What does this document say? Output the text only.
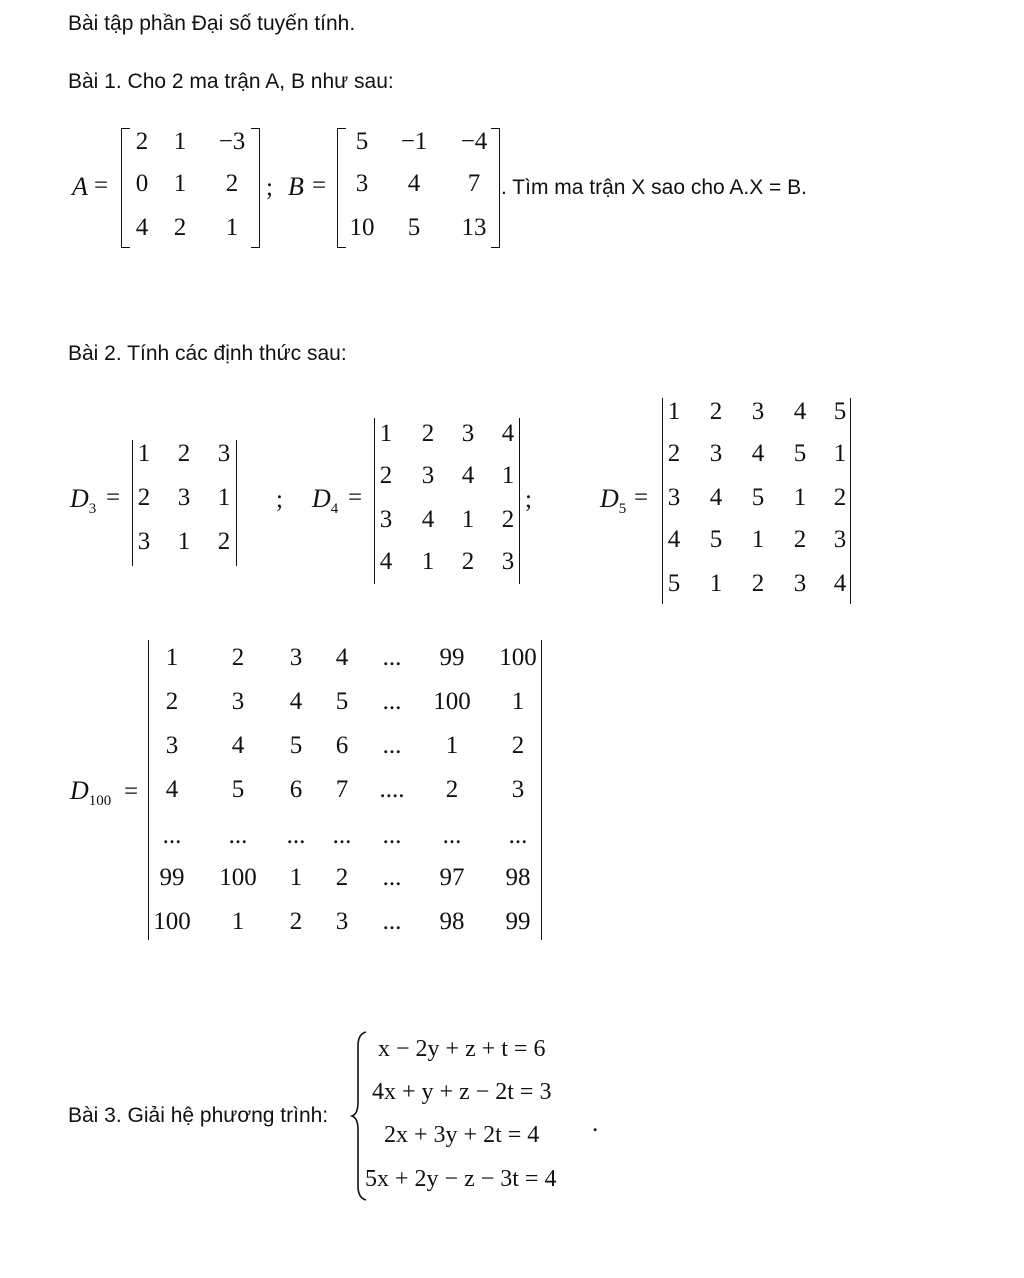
Bài tập phần Đại số tuyến tính.
Bài 1. Cho 2 ma trận A, B như sau:
A =
2 1 −3
0 1 2
4 2 1
; B =
5 −1 −4
3 4 7
10 5 13
. Tìm ma trận X sao cho A.X = B.
Bài 2. Tính các định thức sau:
$D_3$ =
1 2 3
2 3 1
3 1 2
; $D_4$ =
1 2 3 4
2 3 4 1
3 4 1 2
4 1 2 3
;	$D_5$ =
1 2 3 4 5
2 3 4 5 1
3 4 5 1 2
4 5 1 2 3
5 1 2 3 4
$D_{100}$ =
1 2 3 4 ... 99 100
2 3 4 5 ... 100 1
3 4 5 6 ... 1 2
4 5 6 7 .... 2 3
... ... ... ... ... ... ...
99 100 1 2 ... 97 98
100 1 2 3 ... 98 99
Bài 3. Giải hệ phương trình:
x − 2y + z + t = 6
4x + y + z − 2t = 3
2x + 3y + 2t = 4
5x + 2y − z − 3t = 4
.
